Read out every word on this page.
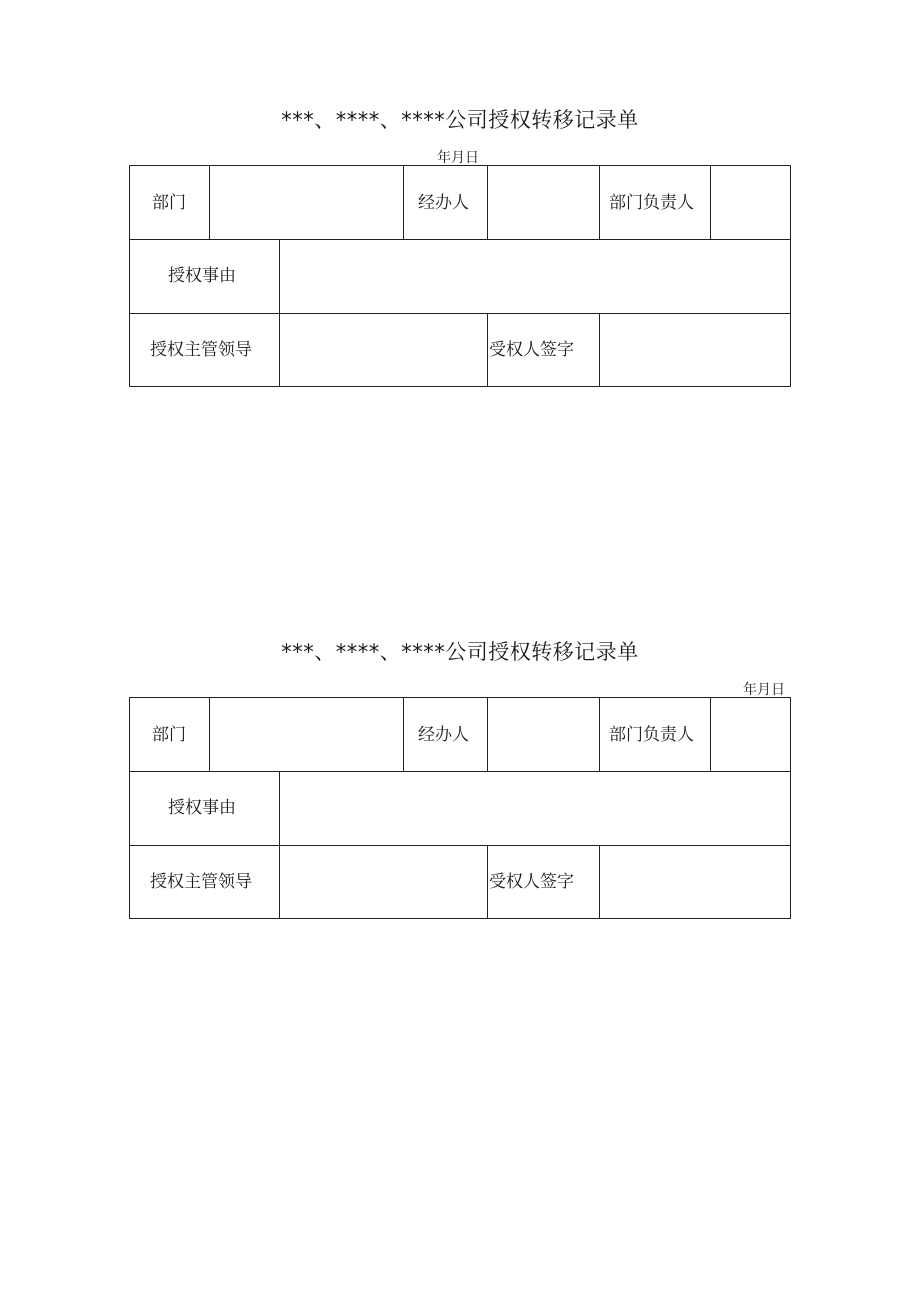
***、****、****公司授权转移记录单
年月日
部门	经办人	部门负责人
授权事由
授权主管领导	受权人签字
***、****、****公司授权转移记录单
年月日
部门	经办人	部门负责人
授权事由
授权主管领导	受权人签字
